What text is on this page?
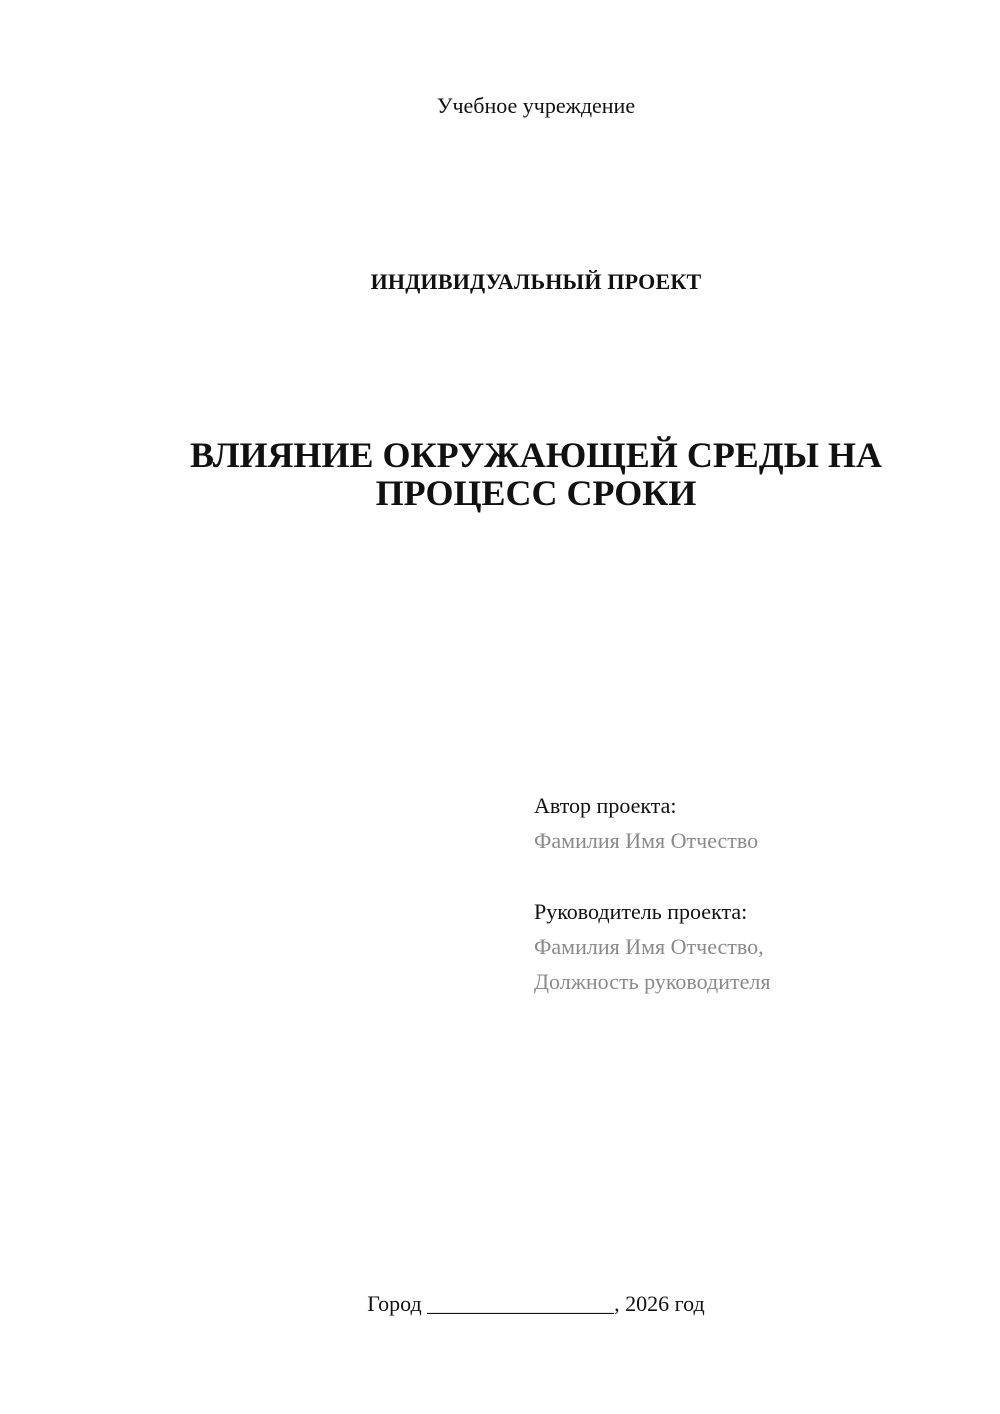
Учебное учреждение
ИНДИВИДУАЛЬНЫЙ ПРОЕКТ
ВЛИЯНИЕ ОКРУЖАЮЩЕЙ СРЕДЫ НА
ПРОЦЕСС СРОКИ
Автор проекта:
Фамилия Имя Отчество
Руководитель проекта:
Фамилия Имя Отчество,
Должность руководителя
Город _________________, 2026 год
